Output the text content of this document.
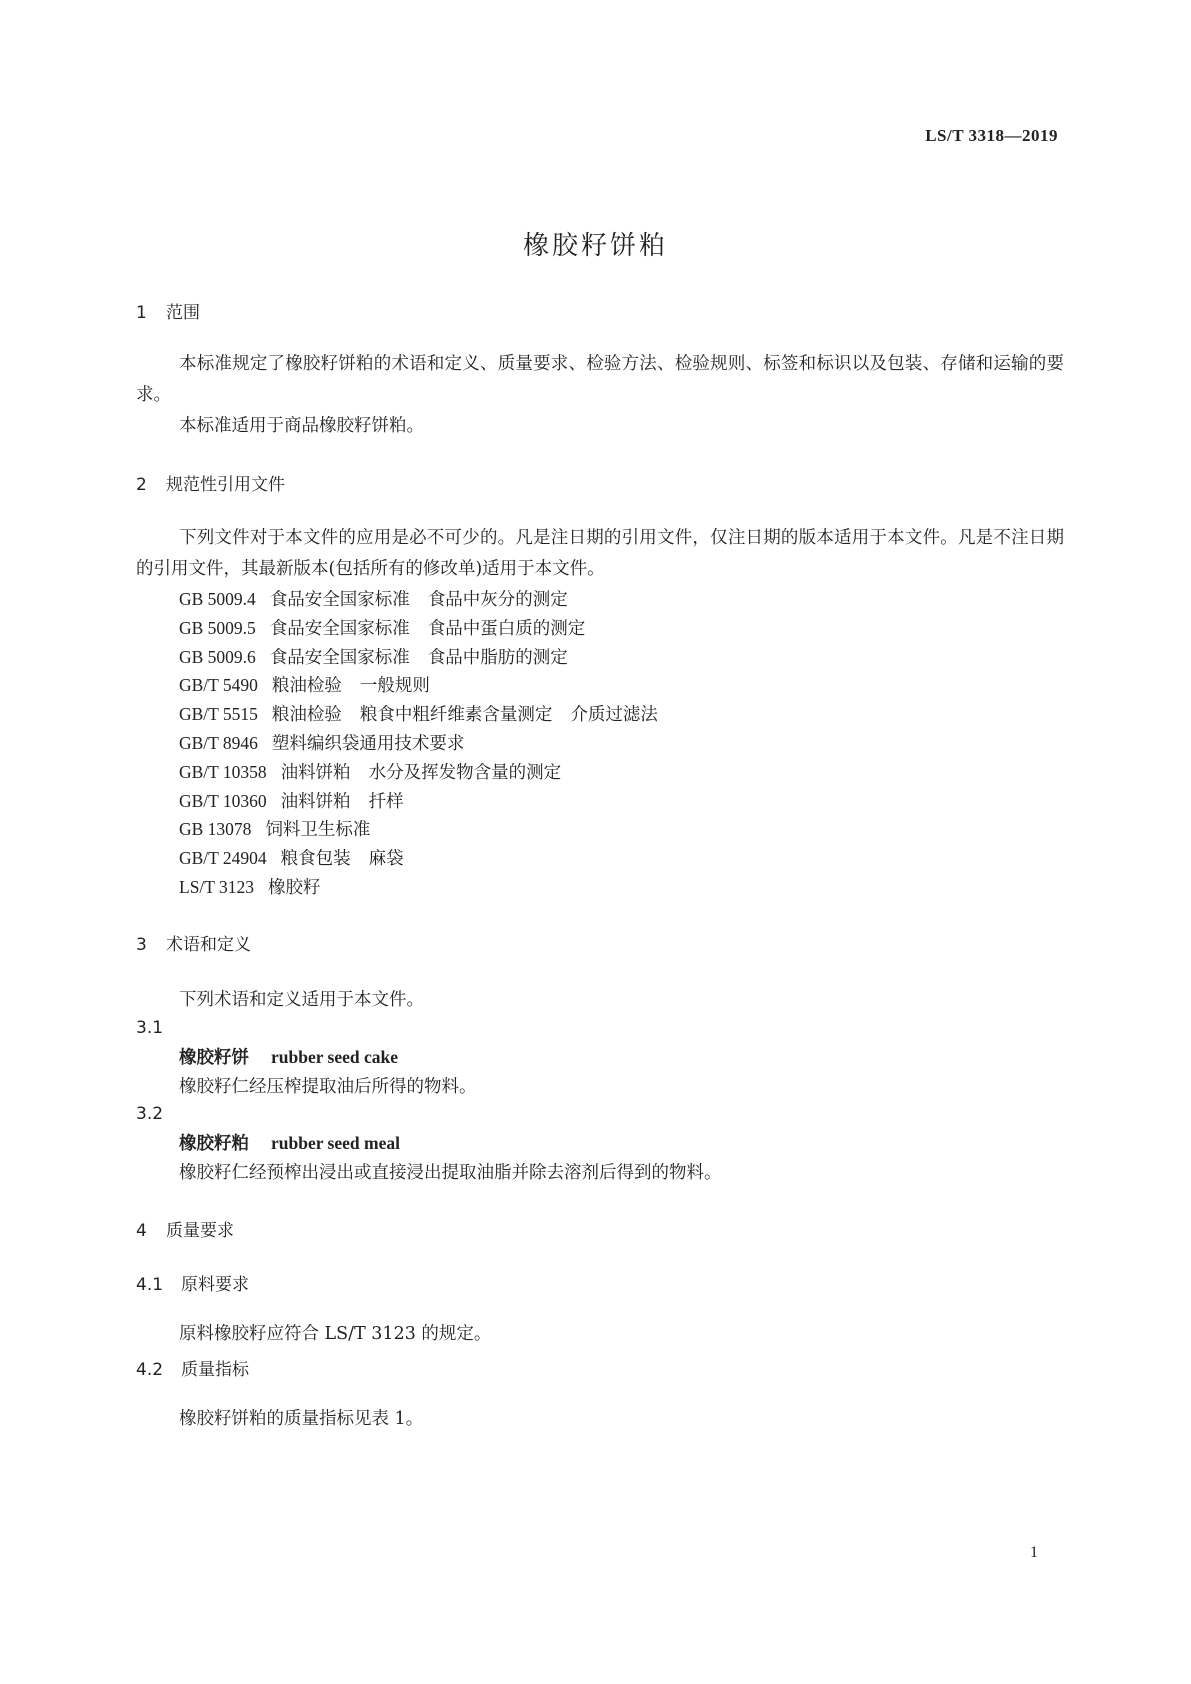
LS/T 3318—2019
橡胶籽饼粕
1 范围
本标准规定了橡胶籽饼粕的术语和定义、质量要求、检验方法、检验规则、标签和标识以及包装、存储和运输的要求。
本标准适用于商品橡胶籽饼粕。
2 规范性引用文件
下列文件对于本文件的应用是必不可少的。凡是注日期的引用文件，仅注日期的版本适用于本文件。凡是不注日期的引用文件，其最新版本(包括所有的修改单)适用于本文件。
GB 5009.4 食品安全国家标准 食品中灰分的测定
GB 5009.5 食品安全国家标准 食品中蛋白质的测定
GB 5009.6 食品安全国家标准 食品中脂肪的测定
GB/T 5490 粮油检验 一般规则
GB/T 5515 粮油检验 粮食中粗纤维素含量测定 介质过滤法
GB/T 8946 塑料编织袋通用技术要求
GB/T 10358 油料饼粕 水分及挥发物含量的测定
GB/T 10360 油料饼粕 扦样
GB 13078 饲料卫生标准
GB/T 24904 粮食包装 麻袋
LS/T 3123 橡胶籽
3 术语和定义
下列术语和定义适用于本文件。
3.1
橡胶籽饼 rubber seed cake
橡胶籽仁经压榨提取油后所得的物料。
3.2
橡胶籽粕 rubber seed meal
橡胶籽仁经预榨出浸出或直接浸出提取油脂并除去溶剂后得到的物料。
4 质量要求
4.1 原料要求
原料橡胶籽应符合 LS/T 3123 的规定。
4.2 质量指标
橡胶籽饼粕的质量指标见表 1。
1
